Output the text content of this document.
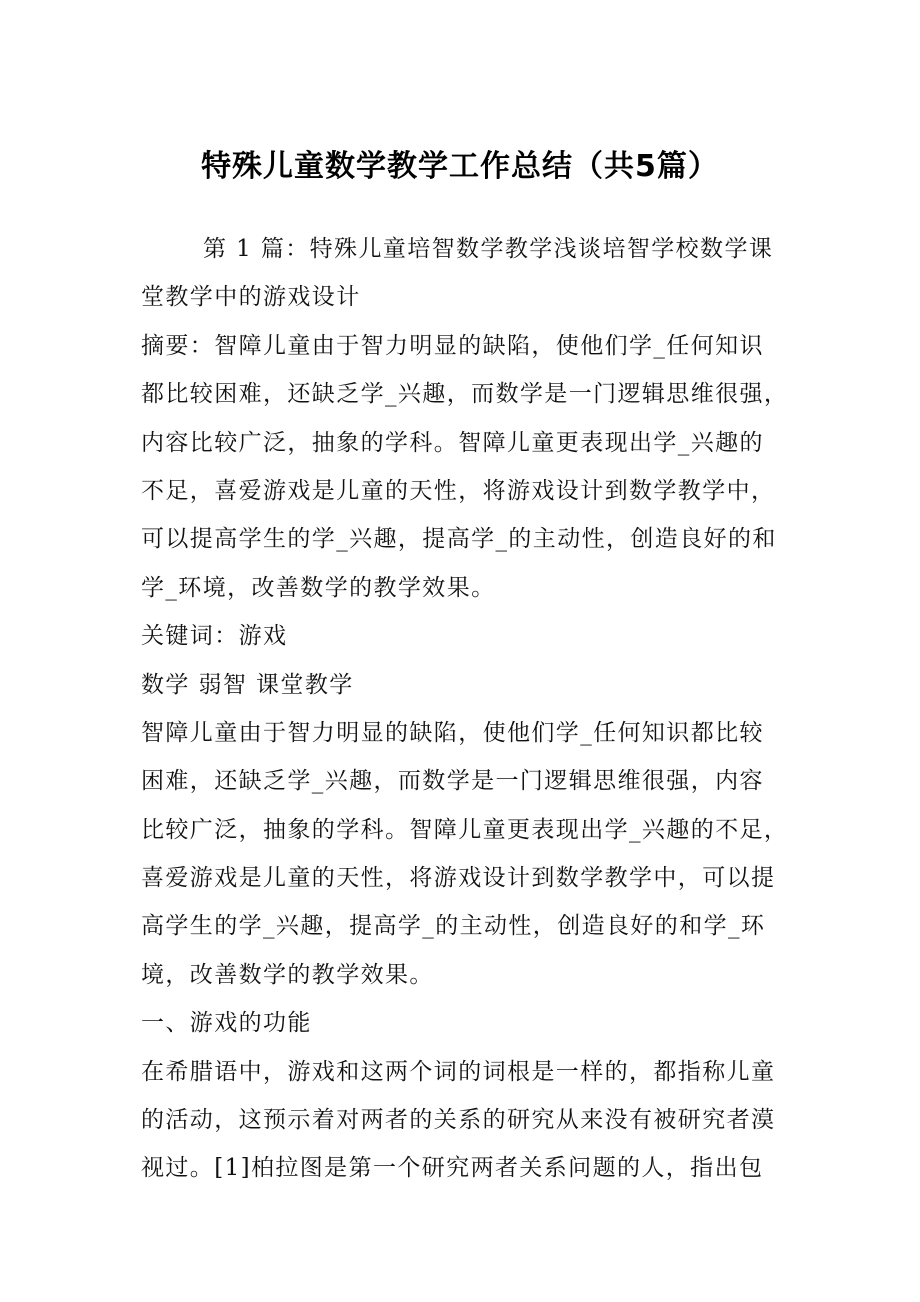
特殊儿童数学教学工作总结（共5篇）
第 1 篇：特殊儿童培智数学教学浅谈培智学校数学课
堂教学中的游戏设计
摘要：智障儿童由于智力明显的缺陷，使他们学_任何知识
都比较困难，还缺乏学_兴趣，而数学是一门逻辑思维很强，
内容比较广泛，抽象的学科。智障儿童更表现出学_兴趣的
不足，喜爱游戏是儿童的天性，将游戏设计到数学教学中，
可以提高学生的学_兴趣，提高学_的主动性，创造良好的和
学_环境，改善数学的教学效果。
关键词：游戏
数学 弱智 课堂教学
智障儿童由于智力明显的缺陷，使他们学_任何知识都比较
困难，还缺乏学_兴趣，而数学是一门逻辑思维很强，内容
比较广泛，抽象的学科。智障儿童更表现出学_兴趣的不足，
喜爱游戏是儿童的天性，将游戏设计到数学教学中，可以提
高学生的学_兴趣，提高学_的主动性，创造良好的和学_环
境，改善数学的教学效果。
一、游戏的功能
在希腊语中，游戏和这两个词的词根是一样的，都指称儿童
的活动，这预示着对两者的关系的研究从来没有被研究者漠
视过。[1]柏拉图是第一个研究两者关系问题的人，指出包
